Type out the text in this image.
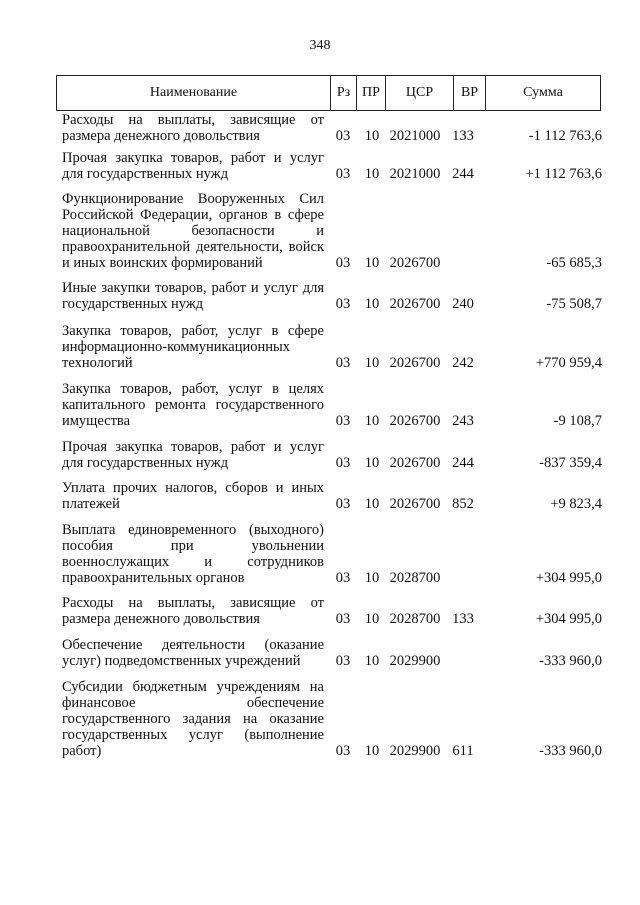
348
Наименование	Рз ПР	ЦСР	ВР	Сумма
Расходы на выплаты, зависящие от размера денежного довольствия	03	10 2021000 133	-1 112 763,6
Прочая закупка товаров, работ и услуг для государственных нужд	03	10 2021000 244	+1 112 763,6
Функционирование Вооруженных Сил Российской Федерации, органов в сфере национальной безопасности и правоохранительной деятельности, войск и иных воинских формирований	03	10 2026700	-65 685,3
Иные закупки товаров, работ и услуг для государственных нужд	03	10 2026700 240	-75 508,7
Закупка товаров, работ, услуг в сфере информационно-коммуникационных технологий	03	10 2026700 242	+770 959,4
Закупка товаров, работ, услуг в целях капитального ремонта государственного имущества	03	10 2026700 243	-9 108,7
Прочая закупка товаров, работ и услуг для государственных нужд	03	10 2026700 244	-837 359,4
Уплата прочих налогов, сборов и иных платежей	03	10 2026700 852	+9 823,4
Выплата единовременного (выходного) пособия при увольнении военнослужащих и сотрудников правоохранительных органов	03	10 2028700	+304 995,0
Расходы на выплаты, зависящие от размера денежного довольствия	03	10 2028700 133	+304 995,0
Обеспечение деятельности (оказание услуг) подведомственных учреждений	03	10 2029900	-333 960,0
Субсидии бюджетным учреждениям на финансовое обеспечение государственного задания на оказание государственных услуг (выполнение работ)	03	10 2029900 611	-333 960,0
